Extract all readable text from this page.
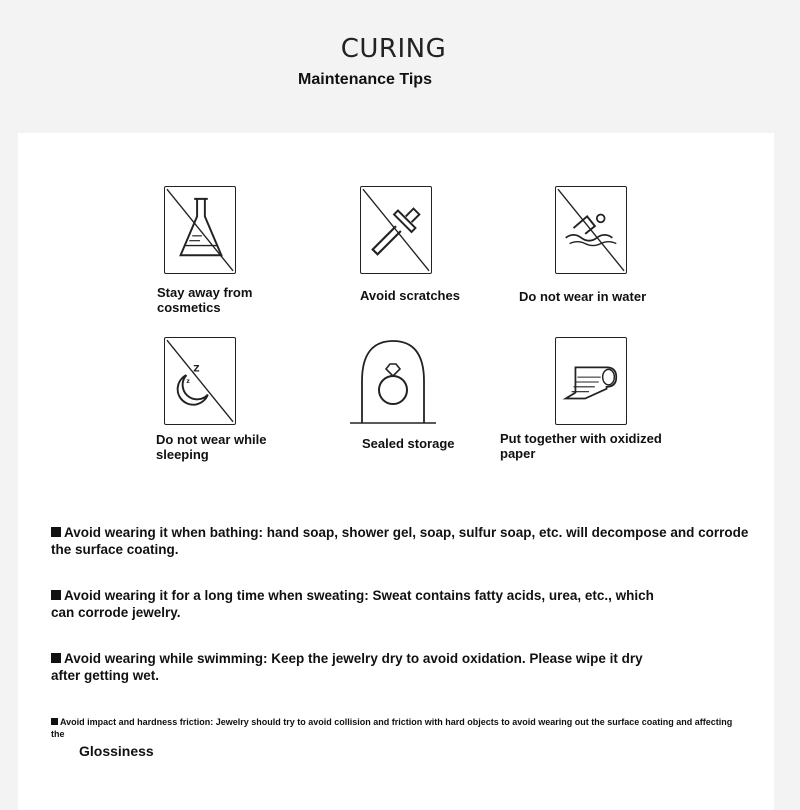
CURING
Maintenance Tips
Stay away from cosmetics
Avoid scratches	Do not wear in water
Z
z
Do not wear while sleeping
Sealed storage	Put together with oxidized paper
Avoid wearing it when bathing: hand soap, shower gel, soap, sulfur soap, etc. will decompose and corrode the surface coating.
Avoid wearing it for a long time when sweating: Sweat contains fatty acids, urea, etc., which can corrode jewelry.
Avoid wearing while swimming: Keep the jewelry dry to avoid oxidation. Please wipe it dry after getting wet.
Avoid impact and hardness friction: Jewelry should try to avoid collision and friction with hard objects to avoid wearing out the surface coating and affecting the
Glossiness
